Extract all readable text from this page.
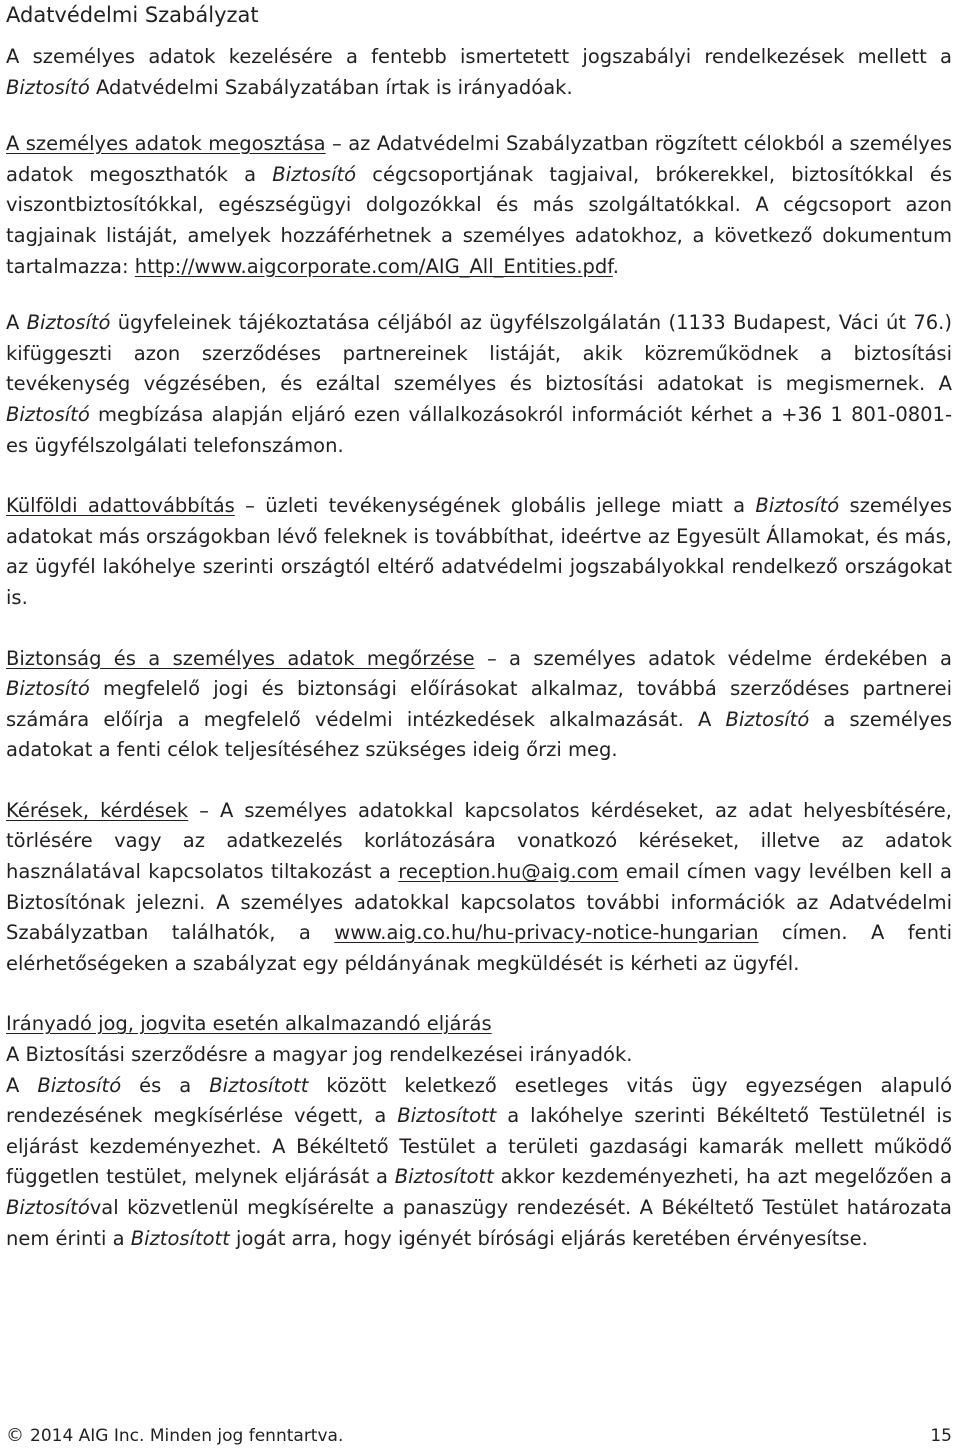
Adatvédelmi Szabályzat

A személyes adatok kezelésére a fentebb ismertetett jogszabályi rendelkezések mellett a Biztosító Adatvédelmi Szabályzatában írtak is irányadóak.

A személyes adatok megosztása – az Adatvédelmi Szabályzatban rögzített célokból a személyes adatok megoszthatók a Biztosító cégcsoportjának tagjaival, brókerekkel, biztosítókkal és viszontbiztosítókkal, egészségügyi dolgozókkal és más szolgáltatókkal. A cégcsoport azon tagjainak listáját, amelyek hozzáférhetnek a személyes adatokhoz, a következő dokumentum tartalmazza: http://www.aigcorporate.com/AIG_All_Entities.pdf.

A Biztosító ügyfeleinek tájékoztatása céljából az ügyfélszolgálatán (1133 Budapest, Váci út 76.) kifüggeszti azon szerződéses partnereinek listáját, akik közreműködnek a biztosítási tevékenység végzésében, és ezáltal személyes és biztosítási adatokat is megismernek. A Biztosító megbízása alapján eljáró ezen vállalkozásokról információt kérhet a +36 1 801-0801-es ügyfélszolgálati telefonszámon.

Külföldi adattovábbítás – üzleti tevékenységének globális jellege miatt a Biztosító személyes adatokat más országokban lévő feleknek is továbbíthat, ideértve az Egyesült Államokat, és más, az ügyfél lakóhelye szerinti országtól eltérő adatvédelmi jogszabályokkal rendelkező országokat is.

Biztonság és a személyes adatok megőrzése – a személyes adatok védelme érdekében a Biztosító megfelelő jogi és biztonsági előírásokat alkalmaz, továbbá szerződéses partnerei számára előírja a megfelelő védelmi intézkedések alkalmazását. A Biztosító a személyes adatokat a fenti célok teljesítéséhez szükséges ideig őrzi meg.

Kérések, kérdések – A személyes adatokkal kapcsolatos kérdéseket, az adat helyesbítésére, törlésére vagy az adatkezelés korlátozására vonatkozó kéréseket, illetve az adatok használatával kapcsolatos tiltakozást a reception.hu@aig.com email címen vagy levélben kell a Biztosítónak jelezni. A személyes adatokkal kapcsolatos további információk az Adatvédelmi Szabályzatban találhatók, a www.aig.co.hu/hu-privacy-notice-hungarian címen. A fenti elérhetőségeken a szabályzat egy példányának megküldését is kérheti az ügyfél.

Irányadó jog, jogvita esetén alkalmazandó eljárás

A Biztosítási szerződésre a magyar jog rendelkezései irányadók.

A Biztosító és a Biztosított között keletkező esetleges vitás ügy egyezségen alapuló rendezésének megkísérlése végett, a Biztosított a lakóhelye szerinti Békéltető Testületnél is eljárást kezdeményezhet. A Békéltető Testület a területi gazdasági kamarák mellett működő független testület, melynek eljárását a Biztosított akkor kezdeményezheti, ha azt megelőzően a Biztosítóval közvetlenül megkísérelte a panaszügy rendezését. A Békéltető Testület határozata nem érinti a Biztosított jogát arra, hogy igényét bírósági eljárás keretében érvényesítse.

© 2014 AIG Inc. Minden jog fenntartva.	15
